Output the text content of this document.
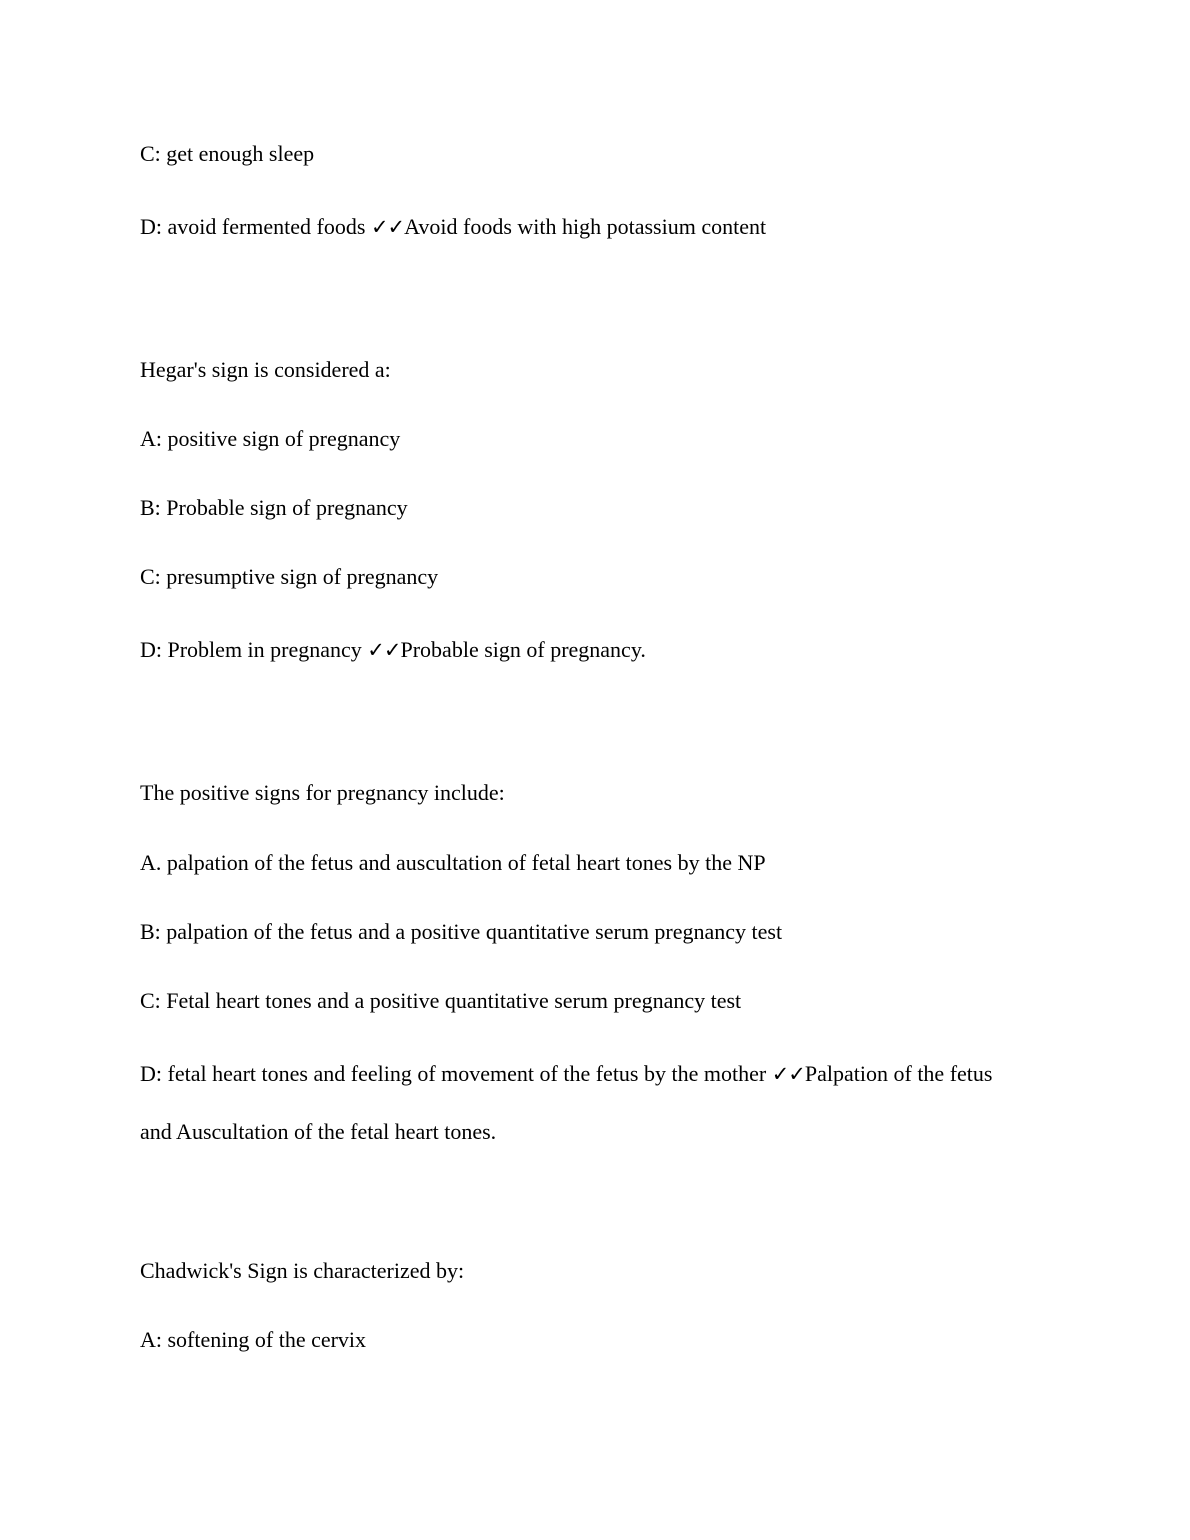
C: get enough sleep
D: avoid fermented foods ✓✓Avoid foods with high potassium content
Hegar's sign is considered a:
A: positive sign of pregnancy
B: Probable sign of pregnancy
C: presumptive sign of pregnancy
D: Problem in pregnancy ✓✓Probable sign of pregnancy.
The positive signs for pregnancy include:
A. palpation of the fetus and auscultation of fetal heart tones by the NP
B: palpation of the fetus and a positive quantitative serum pregnancy test
C: Fetal heart tones and a positive quantitative serum pregnancy test
D: fetal heart tones and feeling of movement of the fetus by the mother ✓✓Palpation of the fetus
and Auscultation of the fetal heart tones.
Chadwick's Sign is characterized by:
A: softening of the cervix
